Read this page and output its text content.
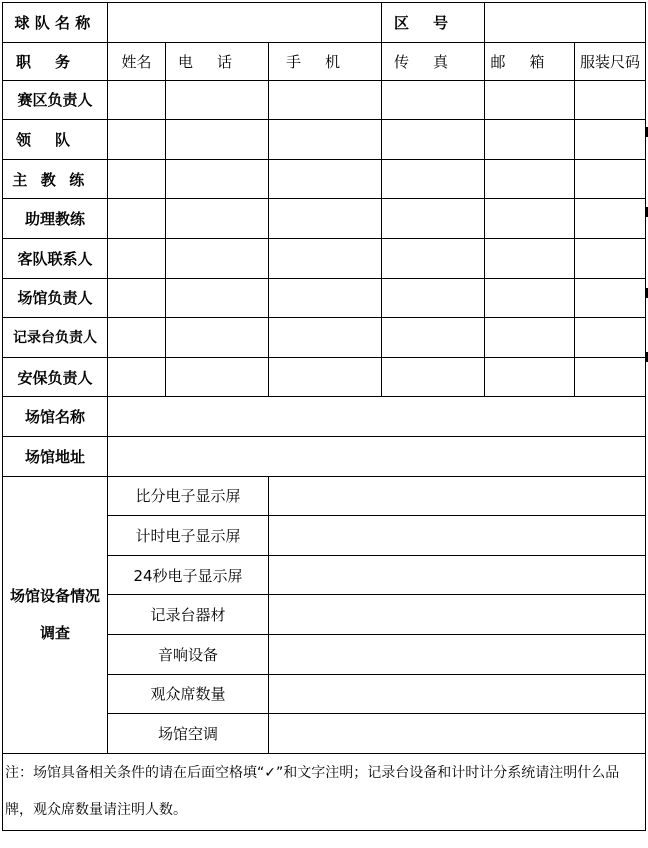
球队名称				区号		
职务	姓名	电话	手机	传真	邮箱	服装尺码
赛区负责人						
领队						
主教练						
助理教练						
客队联系人						
场馆负责人						
记录台负责人						
安保负责人						
场馆名称						
场馆地址						
场馆设备情况调查	比分电子显示屏					
	计时电子显示屏					
	24秒电子显示屏					
	记录台器材					
	音响设备					
	观众席数量					
	场馆空调					
注：场馆具备相关条件的请在后面空格填“✓”和文字注明；记录台设备和计时计分系统请注明什么品牌，观众席数量请注明人数。						
